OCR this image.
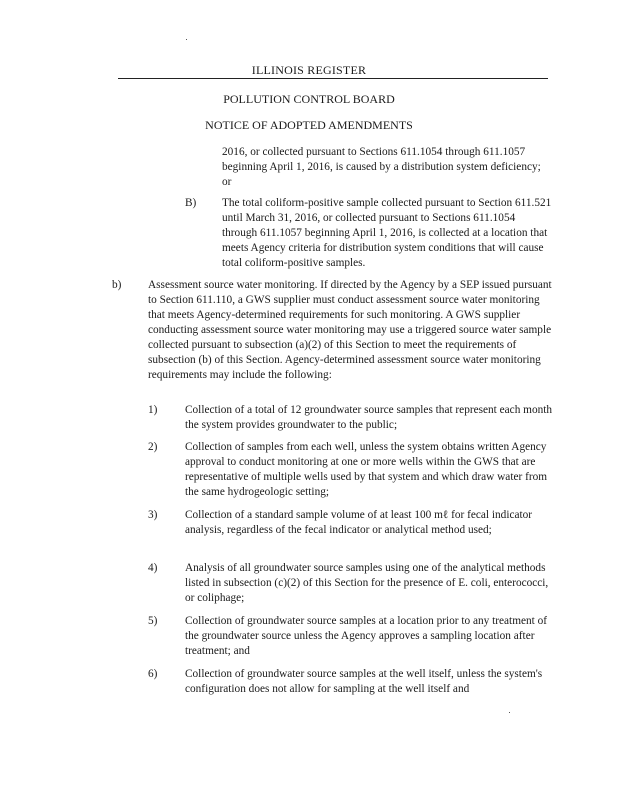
ILLINOIS REGISTER
POLLUTION CONTROL BOARD
NOTICE OF ADOPTED AMENDMENTS

2016, or collected pursuant to Sections 611.1054 through 611.1057 beginning April 1, 2016, is caused by a distribution system deficiency; or

B) The total coliform-positive sample collected pursuant to Section 611.521 until March 31, 2016, or collected pursuant to Sections 611.1054 through 611.1057 beginning April 1, 2016, is collected at a location that meets Agency criteria for distribution system conditions that will cause total coliform-positive samples.

b) Assessment source water monitoring. If directed by the Agency by a SEP issued pursuant to Section 611.110, a GWS supplier must conduct assessment source water monitoring that meets Agency-determined requirements for such monitoring. A GWS supplier conducting assessment source water monitoring may use a triggered source water sample collected pursuant to subsection (a)(2) of this Section to meet the requirements of subsection (b) of this Section. Agency-determined assessment source water monitoring requirements may include the following:

1) Collection of a total of 12 groundwater source samples that represent each month the system provides groundwater to the public;

2) Collection of samples from each well, unless the system obtains written Agency approval to conduct monitoring at one or more wells within the GWS that are representative of multiple wells used by that system and which draw water from the same hydrogeologic setting;

3) Collection of a standard sample volume of at least 100 mℓ for fecal indicator analysis, regardless of the fecal indicator or analytical method used;

4) Analysis of all groundwater source samples using one of the analytical methods listed in subsection (c)(2) of this Section for the presence of E. coli, enterococci, or coliphage;

5) Collection of groundwater source samples at a location prior to any treatment of the groundwater source unless the Agency approves a sampling location after treatment; and

6) Collection of groundwater source samples at the well itself, unless the system's configuration does not allow for sampling at the well itself and
